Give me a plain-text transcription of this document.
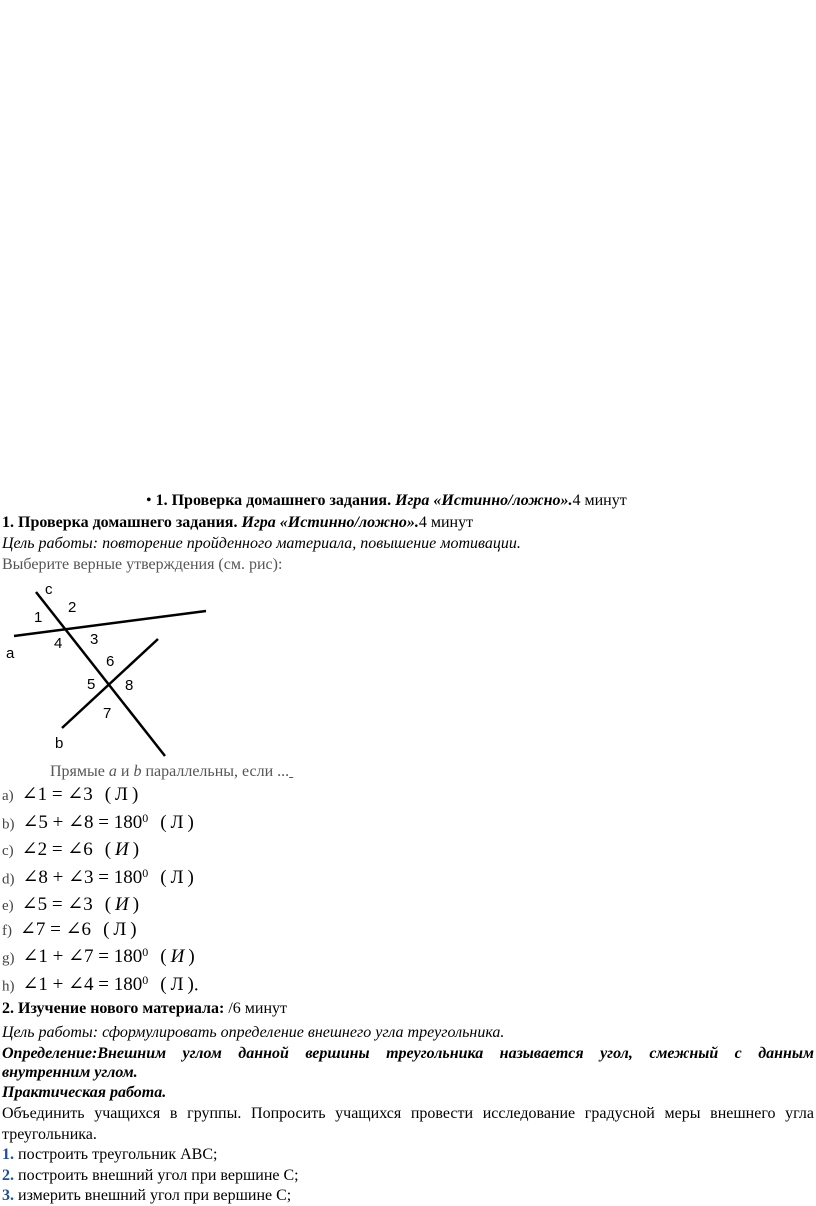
• 1. Проверка домашнего задания. Игра «Истинно/ложно».4 минут
1. Проверка домашнего задания. Игра «Истинно/ложно».4 минут
Цель работы: повторение пройденного материала, повышение мотивации.
Выберите верные утверждения (см. рис):
c
1
2
a
4 3
6
5 8
7
b
Прямые a и b параллельны, если ...
a) ∠1 = ∠3 ( Л )
b) ∠5 + ∠8 = $180^0$ ( Л )
c) ∠2 = ∠6 ( И )
d) ∠8 + ∠3 = $180^0$ ( Л )
e) ∠5 = ∠3 ( И )
f) ∠7 = ∠6 ( Л )
g) ∠1 + ∠7 = $180^0$ ( И )
h) ∠1 + ∠4 = $180^0$ ( Л ).
2. Изучение нового материала: /6 минут
Цель работы: сформулировать определение внешнего угла треугольника.
Определение:Внешним углом данной вершины треугольника называется угол, смежный с данным
внутренним углом.
Практическая работа.
Объединить учащихся в группы. Попросить учащихся провести исследование градусной меры внешнего угла
треугольника.
1. построить треугольник АВС;
2. построить внешний угол при вершине С;
3. измерить внешний угол при вершине С;
